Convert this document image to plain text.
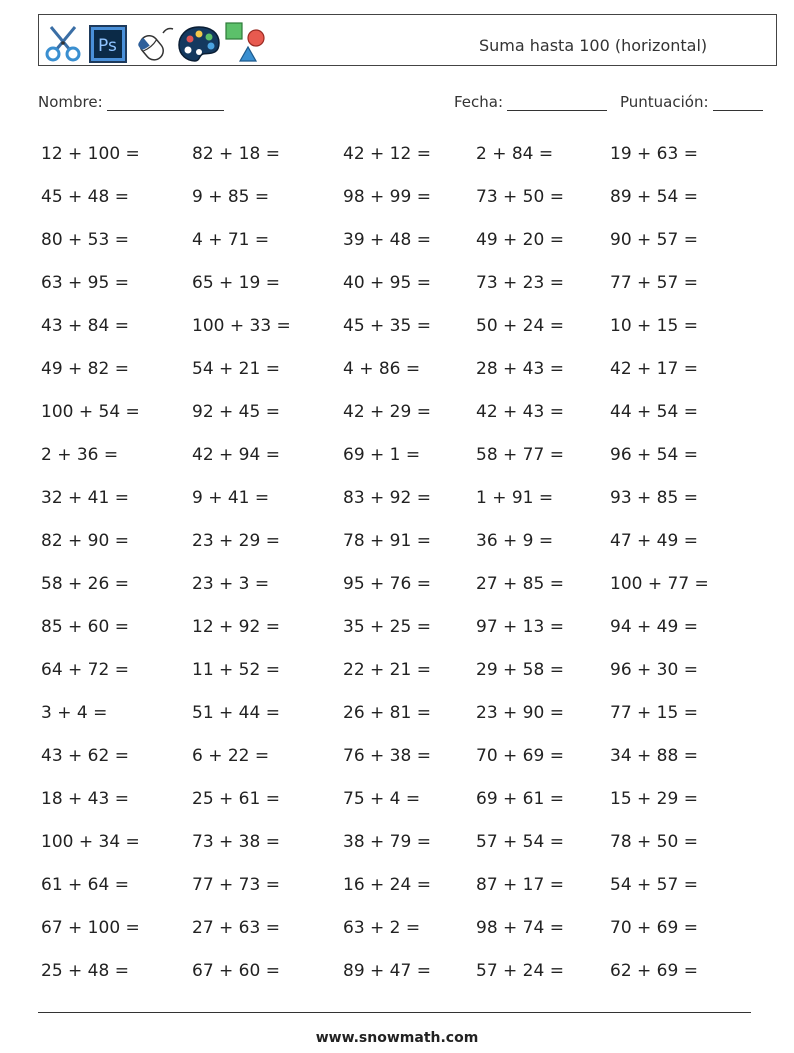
Ps	Suma hasta 100 (horizontal)
Nombre:	Fecha:	Puntuación:
12 + 100 =	82 + 18 =	42 + 12 =	2 + 84 =	19 + 63 =
45 + 48 =	9 + 85 =	98 + 99 =	73 + 50 =	89 + 54 =
80 + 53 =	4 + 71 =	39 + 48 =	49 + 20 =	90 + 57 =
63 + 95 =	65 + 19 =	40 + 95 =	73 + 23 =	77 + 57 =
43 + 84 =	100 + 33 =	45 + 35 =	50 + 24 =	10 + 15 =
49 + 82 =	54 + 21 =	4 + 86 =	28 + 43 =	42 + 17 =
100 + 54 =	92 + 45 =	42 + 29 =	42 + 43 =	44 + 54 =
2 + 36 =	42 + 94 =	69 + 1 =	58 + 77 =	96 + 54 =
32 + 41 =	9 + 41 =	83 + 92 =	1 + 91 =	93 + 85 =
82 + 90 =	23 + 29 =	78 + 91 =	36 + 9 =	47 + 49 =
58 + 26 =	23 + 3 =	95 + 76 =	27 + 85 =	100 + 77 =
85 + 60 =	12 + 92 =	35 + 25 =	97 + 13 =	94 + 49 =
64 + 72 =	11 + 52 =	22 + 21 =	29 + 58 =	96 + 30 =
3 + 4 =	51 + 44 =	26 + 81 =	23 + 90 =	77 + 15 =
43 + 62 =	6 + 22 =	76 + 38 =	70 + 69 =	34 + 88 =
18 + 43 =	25 + 61 =	75 + 4 =	69 + 61 =	15 + 29 =
100 + 34 =	73 + 38 =	38 + 79 =	57 + 54 =	78 + 50 =
61 + 64 =	77 + 73 =	16 + 24 =	87 + 17 =	54 + 57 =
67 + 100 =	27 + 63 =	63 + 2 =	98 + 74 =	70 + 69 =
25 + 48 =	67 + 60 =	89 + 47 =	57 + 24 =	62 + 69 =
www.snowmath.com
